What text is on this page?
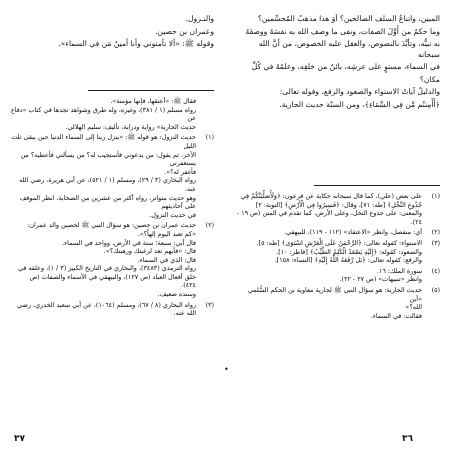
المبين، واتباعُ السلف الصالحين؟ أَوَ هذا مذهبُ المُجسِّمين؟

وما حكمُ من أَوَّلَ الصفات، ونفى ما وصف الله به نفسَهُ ووصفَهُ

به نبيُّه، وتأيَّدَ بالنصوص، والعقل عليه الخصوص، من أنَّ الله سبحانه

في السماء، مستوٍ على عرشِه، بائنٌ من خلقِه، وعلمُهُ في كُلِّ

مكان؟

والدليلُ آياتُ الاستواء والصعود والرفع، وقوله تعالى:

﴿أَأَمِنتُم مَّن فِي السَّمَاءِ﴾، ومن السنّة حديث الجارية.

(١)
على بعض (علي)، كما قال سبحانه حكاية عن فرعون: ﴿وَلَأُصَلِّبَنَّكُمْ فِي
جُذُوعِ النَّخْلِ﴾ [طه: ٧١]، وقال: ﴿فَسِيرُوا فِي الْأَرْضِ﴾ [التوبة: ٢]
والمعنى: على جذوع النخل، وعلى الأرض، كما تقدم في المتن (ص ١٩ - ٢٤).
(٢)
أي: منفصل، وانظر «الاعتقاد» (١١٢ - ١١٩)، للبيهقي.
(٣)
الاستواء: كقوله تعالى: ﴿الرَّحْمَنُ عَلَى الْعَرْشِ اسْتَوَى﴾ [طه: ٥].
والصعود: كقوله: ﴿إِلَيْهِ يَصْعَدُ الْكَلِمُ الطَّيِّبُ﴾ [فاطر: ١٠].
والرفع: كقوله تعالى: ﴿بَل رَّفَعَهُ اللَّهُ إِلَيْهِ﴾ [النساء: ١٥٨].
(٤)
سورة الملك: ١٦.
وانظر «تنبيهات» (ص ٢٧ - ٢٢).
(٥)
حديث الجارية: هو سؤال النبي ﷺ لجارية معاوية بن الحكم السُّلمي «أين
الله؟»
فقالت: في السماء.

والنـزول.

وعمران بن حصين.

وقوله ﷺ: «ألا تأمنوني وأنا أمينُ مَن في السماء».

فقال ﷺ: «أعتقها، فإنها مؤمنة».
رواه مسلم (١ / ٣٨١)، وغيره، وله طرق وشواهد تجدها في كتاب «دفاع عن
حديث الجارية» رواية ودراية، تأليف: سليم الهلالي.
(١)
حديث النزول: هو قوله ﷺ: «ينزل ربنا إلى السماء الدنيا حين يبقى ثلث الليل
الآخر، ثم يقول: من يدعوني فأستجيب له؟ من يسألني فأعطيه؟ من يستغفرني
فأغفر له؟».
رواه البخاري (٣ / ٢٩)، ومسلم (١ / ٥٢١)، عن أبي هريرة، رضي الله
عنه.
وهو حديث متواتر، رواه أكثر من عشرين من الصحابة، انظر الموقف على أحاديثهم
في حديث النزول.
(٢)
حديث عمران بن حصين: هو سؤال النبي ﷺ لحصين والد عمران:
«كم تعبد اليوم إلهاً؟».
قال أبي: سبعة؛ ستة في الأرض، وواحد في السماء.
قال: «فأيهم تعد لرغبتك ورهبتك؟».
قال: الذي في السماء.
رواه الترمذي (٣٤٨٣)، والبخاري في التاريخ الكبير (٣ / ١)، وعلقه في
خلق أفعال العباد (ص ١٢٧)، والبيهقي في الأسماء والصفات (ص
٤٢٤).
وسنده ضعيف.
(٣)
رواه البخاري (٨ / ٦٧)، ومسلم (١٠٦٤)، عن أبي سعيد الخدري، رضي
الله عنه.
•
٣٦
٣٧
